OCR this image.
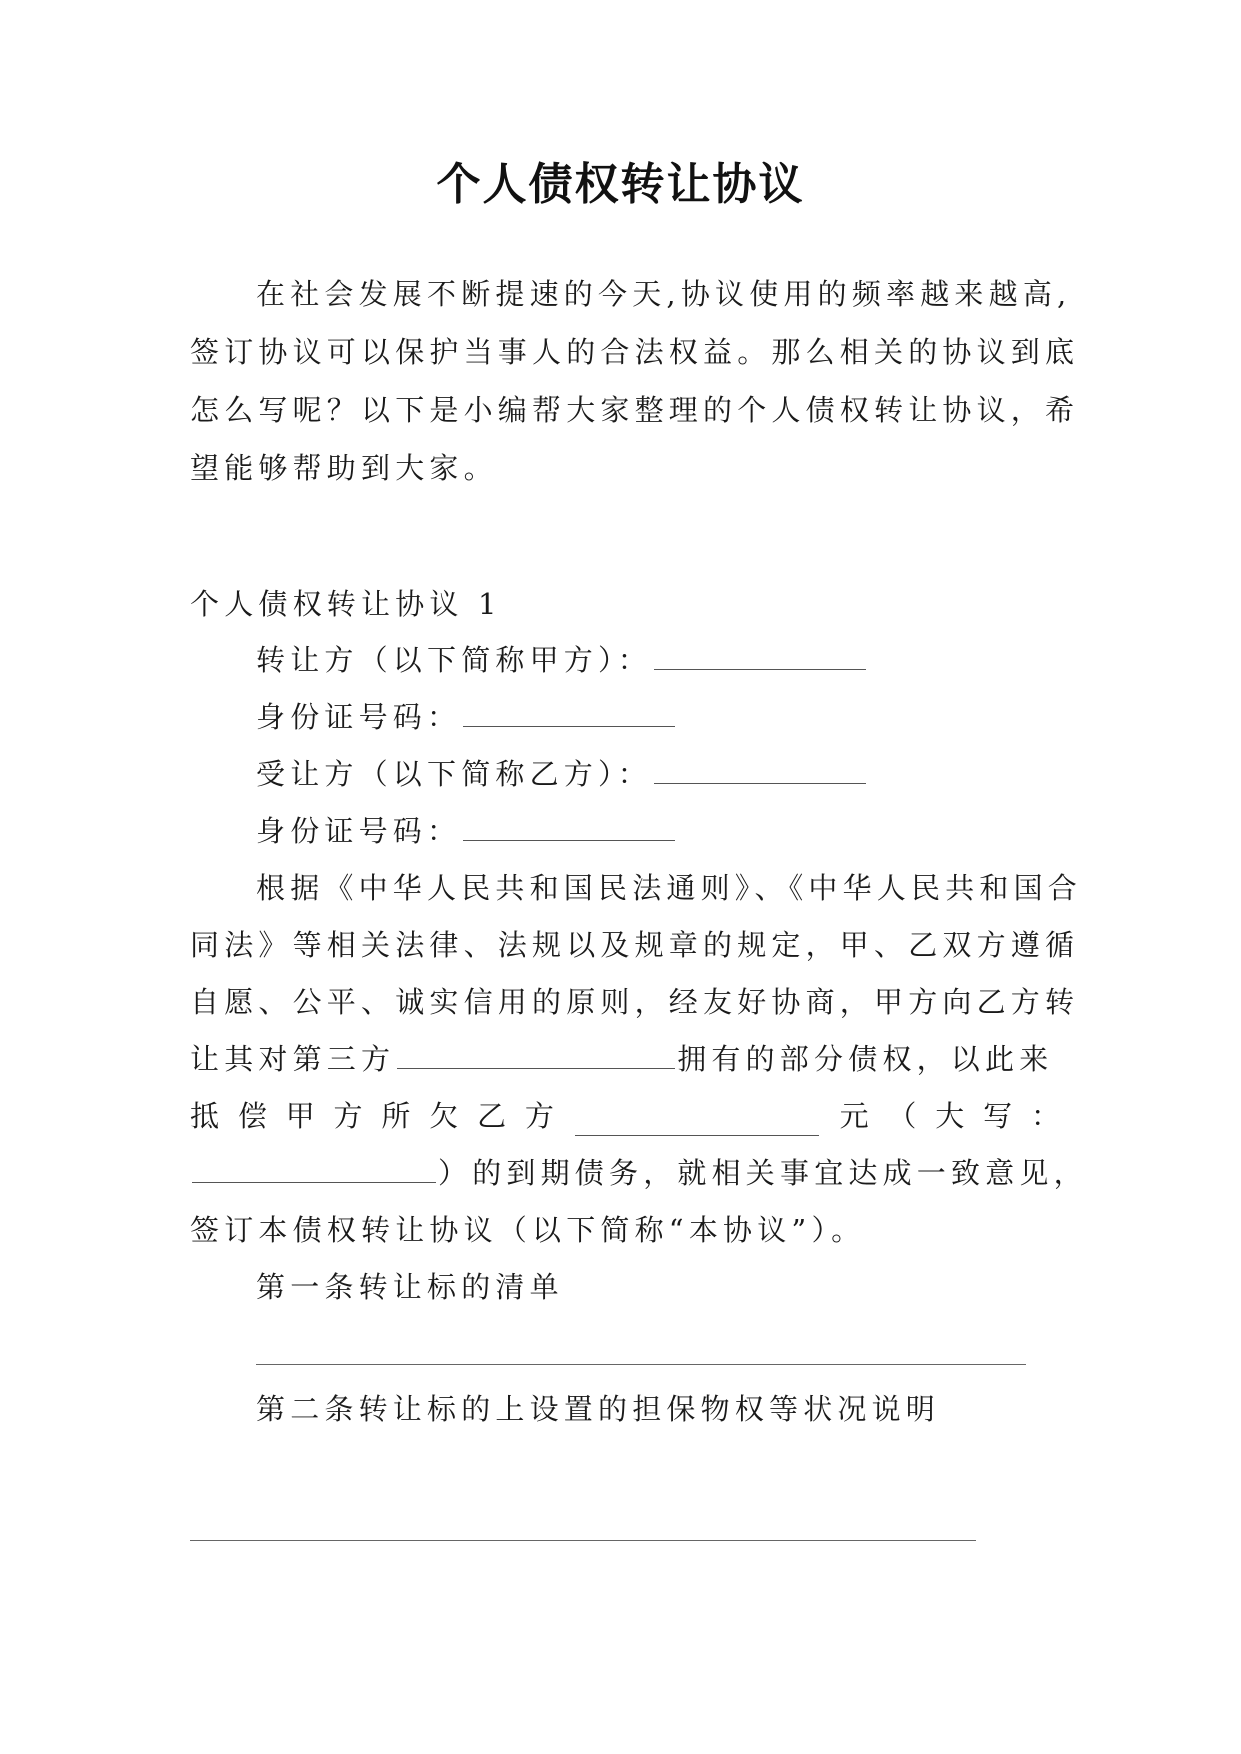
个人债权转让协议
在社会发展不断提速的今天,协议使用的频率越来越高,
签订协议可以保护当事人的合法权益。那么相关的协议到底
怎么写呢？以下是小编帮大家整理的个人债权转让协议，希
望能够帮助到大家。
个人债权转让协议 1
转让方（以下简称甲方）：
身份证号码：
受让方（以下简称乙方）：
身份证号码：
根据《中华人民共和国民法通则》、《中华人民共和国合
同法》等相关法律、法规以及规章的规定，甲、乙双方遵循
自愿、公平、诚实信用的原则，经友好协商，甲方向乙方转
让其对第三方	拥有的部分债权，以此来
抵 偿 甲 方 所 欠 乙 方	元 （ 大 写 ：
）的到期债务，就相关事宜达成一致意见，
签订本债权转让协议（以下简称“本协议”）。
第一条转让标的清单
第二条转让标的上设置的担保物权等状况说明
